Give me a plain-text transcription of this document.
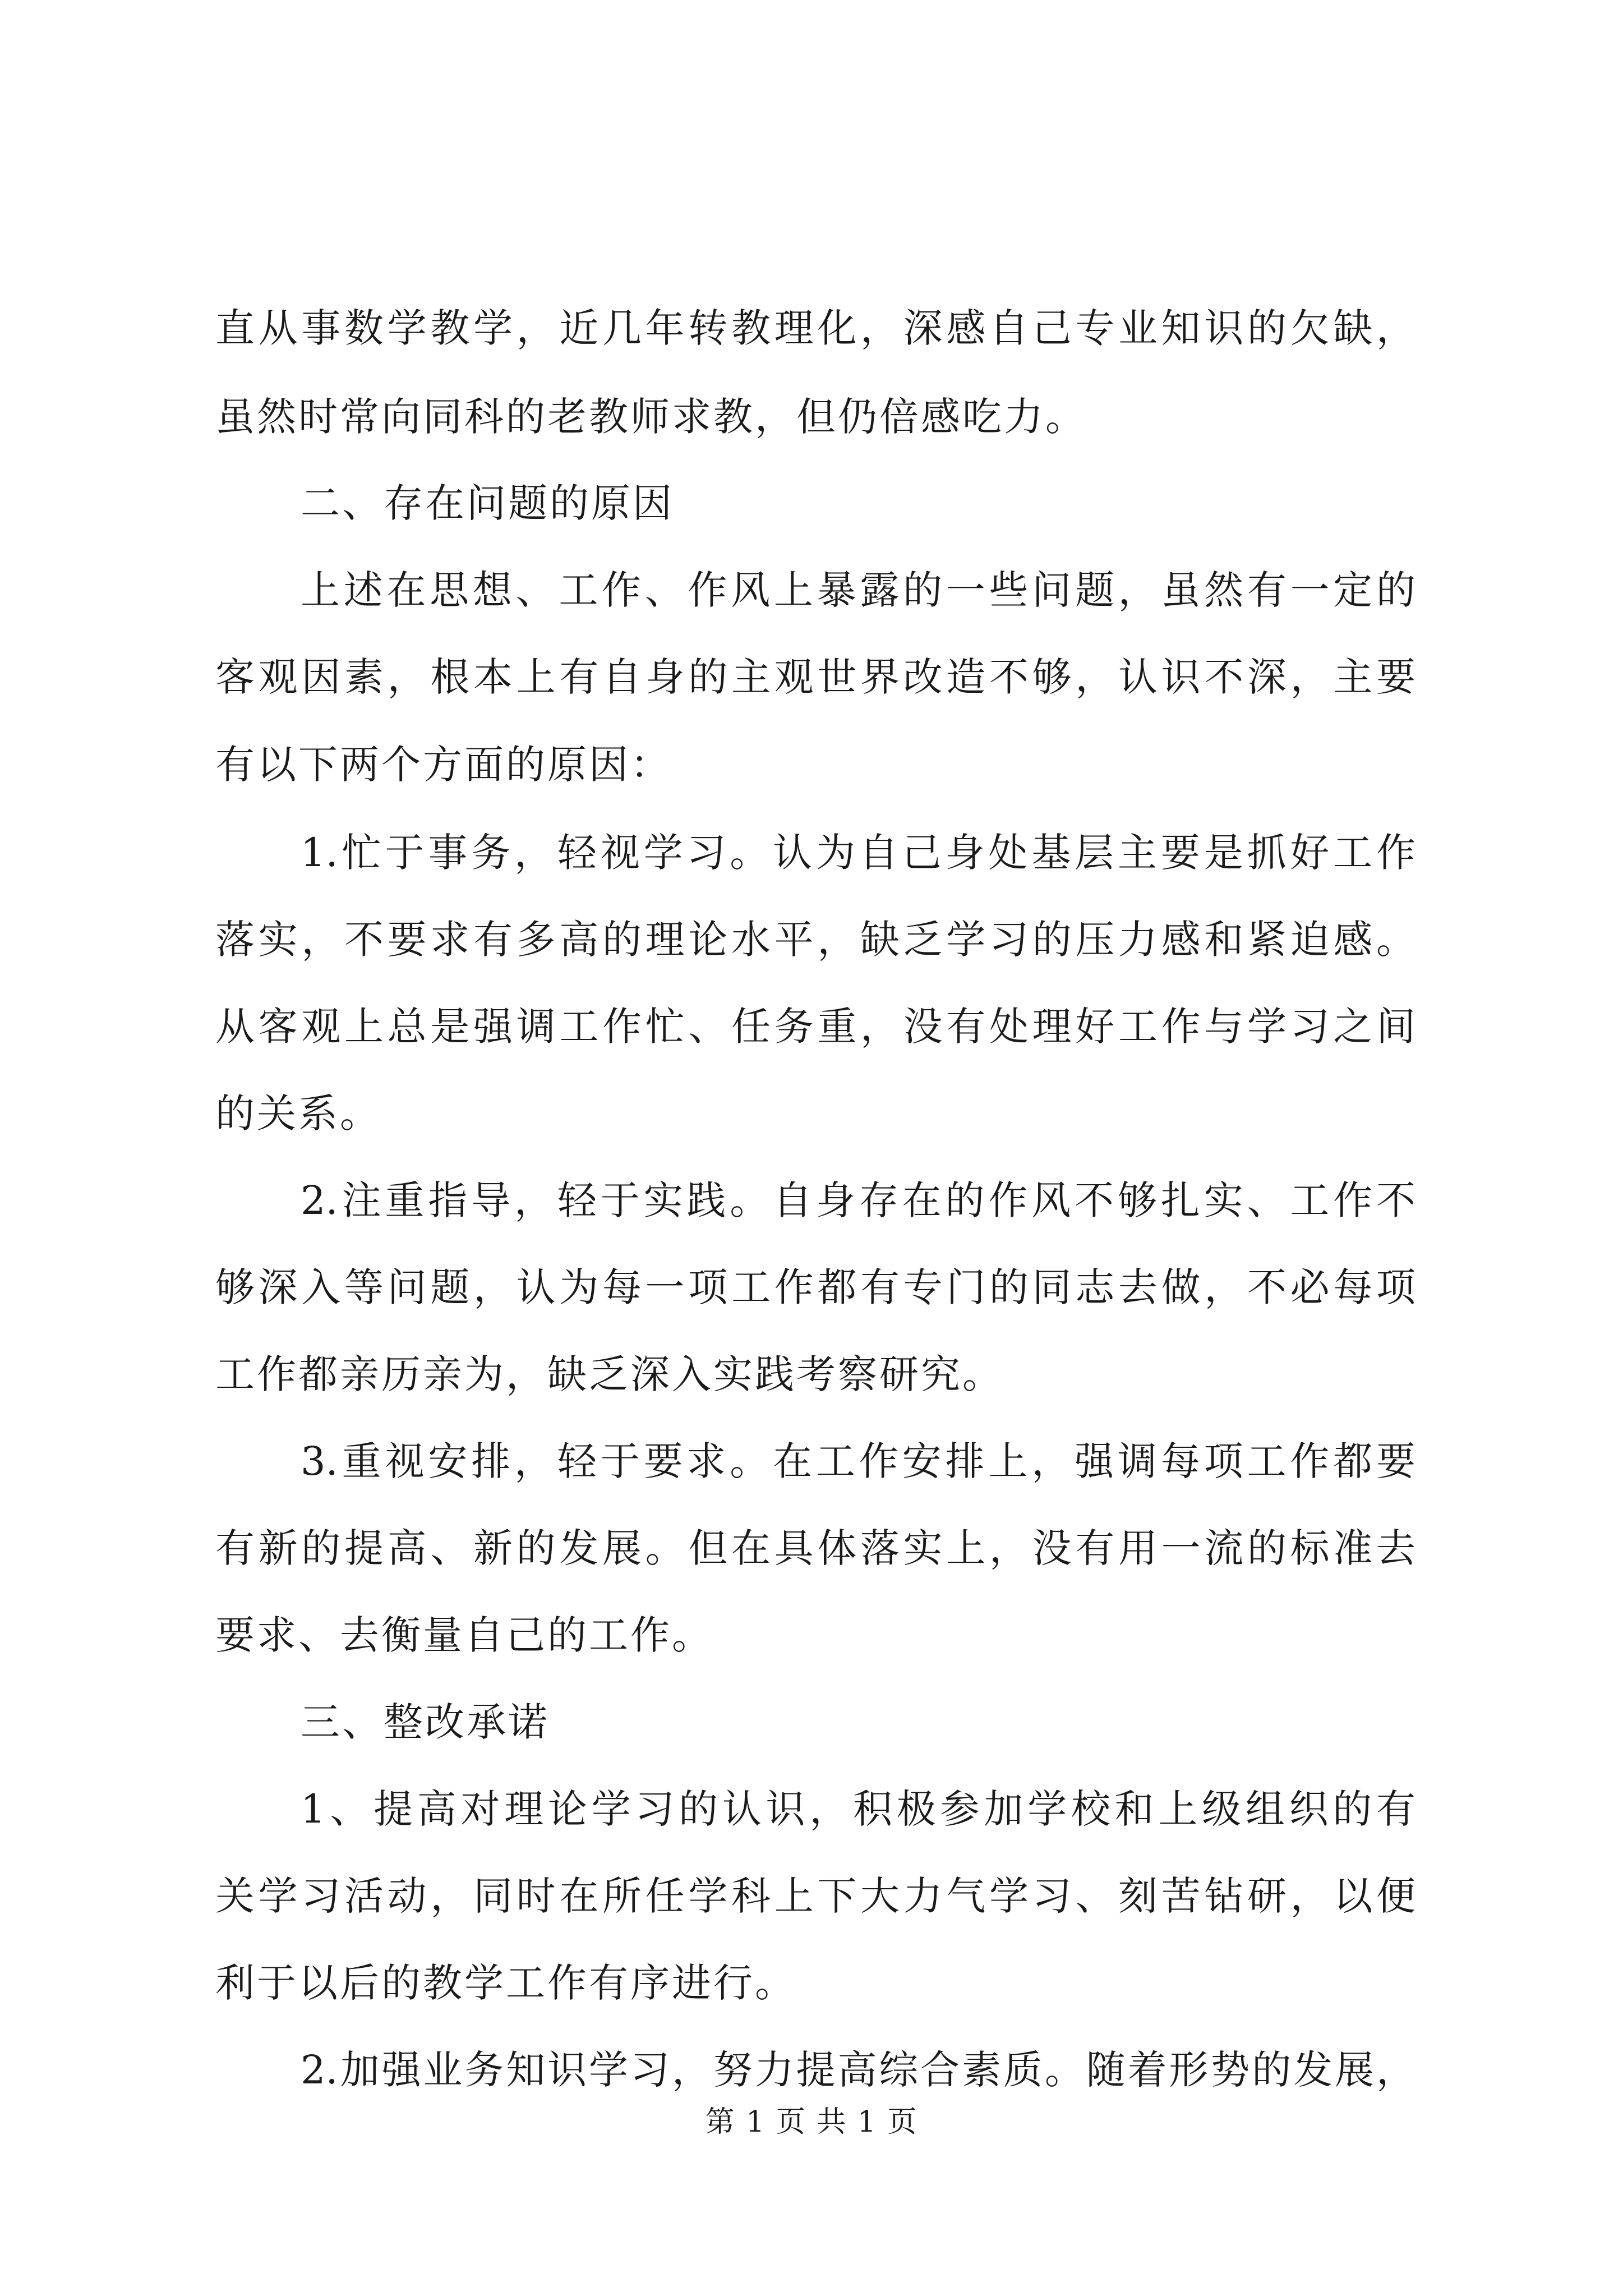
直从事数学教学，近几年转教理化，深感自己专业知识的欠缺，
虽然时常向同科的老教师求教，但仍倍感吃力。
二、存在问题的原因
上述在思想、工作、作风上暴露的一些问题，虽然有一定的
客观因素，根本上有自身的主观世界改造不够，认识不深，主要
有以下两个方面的原因：
1.忙于事务，轻视学习。认为自己身处基层主要是抓好工作
落实，不要求有多高的理论水平，缺乏学习的压力感和紧迫感。
从客观上总是强调工作忙、任务重，没有处理好工作与学习之间
的关系。
2.注重指导，轻于实践。自身存在的作风不够扎实、工作不
够深入等问题，认为每一项工作都有专门的同志去做，不必每项
工作都亲历亲为，缺乏深入实践考察研究。
3.重视安排，轻于要求。在工作安排上，强调每项工作都要
有新的提高、新的发展。但在具体落实上，没有用一流的标准去
要求、去衡量自己的工作。
三、整改承诺
1、提高对理论学习的认识，积极参加学校和上级组织的有
关学习活动，同时在所任学科上下大力气学习、刻苦钻研，以便
利于以后的教学工作有序进行。
2.加强业务知识学习，努力提高综合素质。随着形势的发展，
第 1 页 共 1 页
